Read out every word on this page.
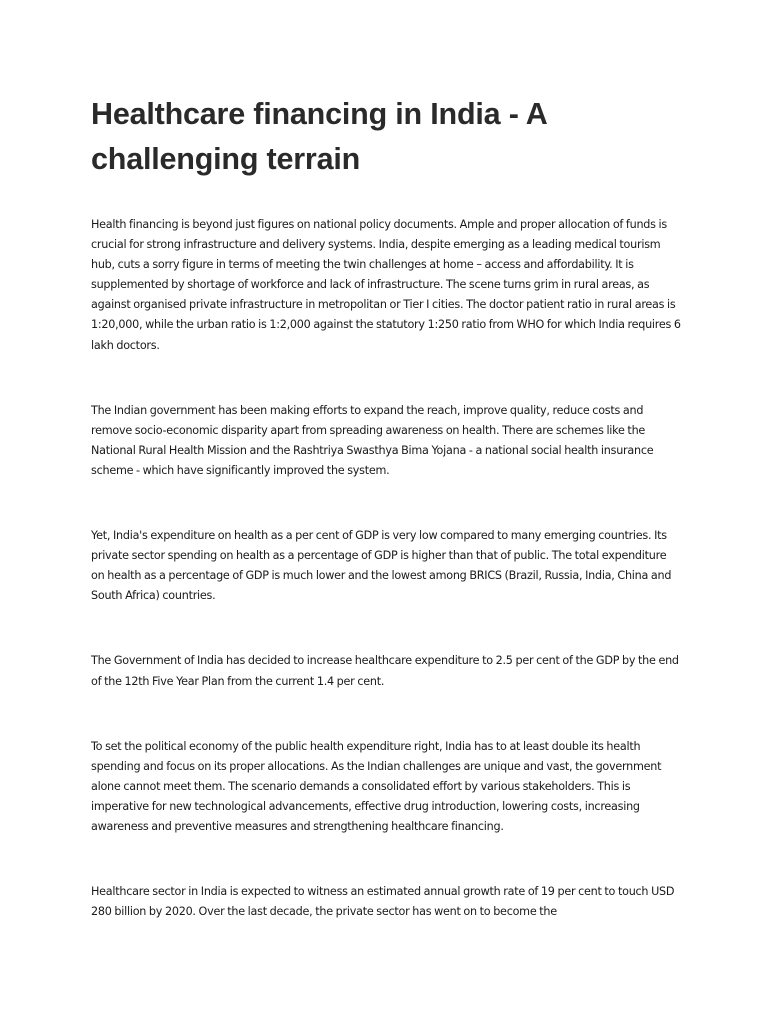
Healthcare financing in India - A challenging terrain

Health financing is beyond just figures on national policy documents. Ample and proper allocation of funds is crucial for strong infrastructure and delivery systems. India, despite emerging as a leading medical tourism hub, cuts a sorry figure in terms of meeting the twin challenges at home – access and affordability. It is supplemented by shortage of workforce and lack of infrastructure. The scene turns grim in rural areas, as against organised private infrastructure in metropolitan or Tier I cities. The doctor patient ratio in rural areas is 1:20,000, while the urban ratio is 1:2,000 against the statutory 1:250 ratio from WHO for which India requires 6 lakh doctors.

The Indian government has been making efforts to expand the reach, improve quality, reduce costs and remove socio-economic disparity apart from spreading awareness on health. There are schemes like the National Rural Health Mission and the Rashtriya Swasthya Bima Yojana - a national social health insurance scheme - which have significantly improved the system.

Yet, India's expenditure on health as a per cent of GDP is very low compared to many emerging countries. Its private sector spending on health as a percentage of GDP is higher than that of public. The total expenditure on health as a percentage of GDP is much lower and the lowest among BRICS (Brazil, Russia, India, China and South Africa) countries.

The Government of India has decided to increase healthcare expenditure to 2.5 per cent of the GDP by the end of the 12th Five Year Plan from the current 1.4 per cent.

To set the political economy of the public health expenditure right, India has to at least double its health spending and focus on its proper allocations. As the Indian challenges are unique and vast, the government alone cannot meet them. The scenario demands a consolidated effort by various stakeholders. This is imperative for new technological advancements, effective drug introduction, lowering costs, increasing awareness and preventive measures and strengthening healthcare financing.

Healthcare sector in India is expected to witness an estimated annual growth rate of 19 per cent to touch USD 280 billion by 2020. Over the last decade, the private sector has went on to become the
